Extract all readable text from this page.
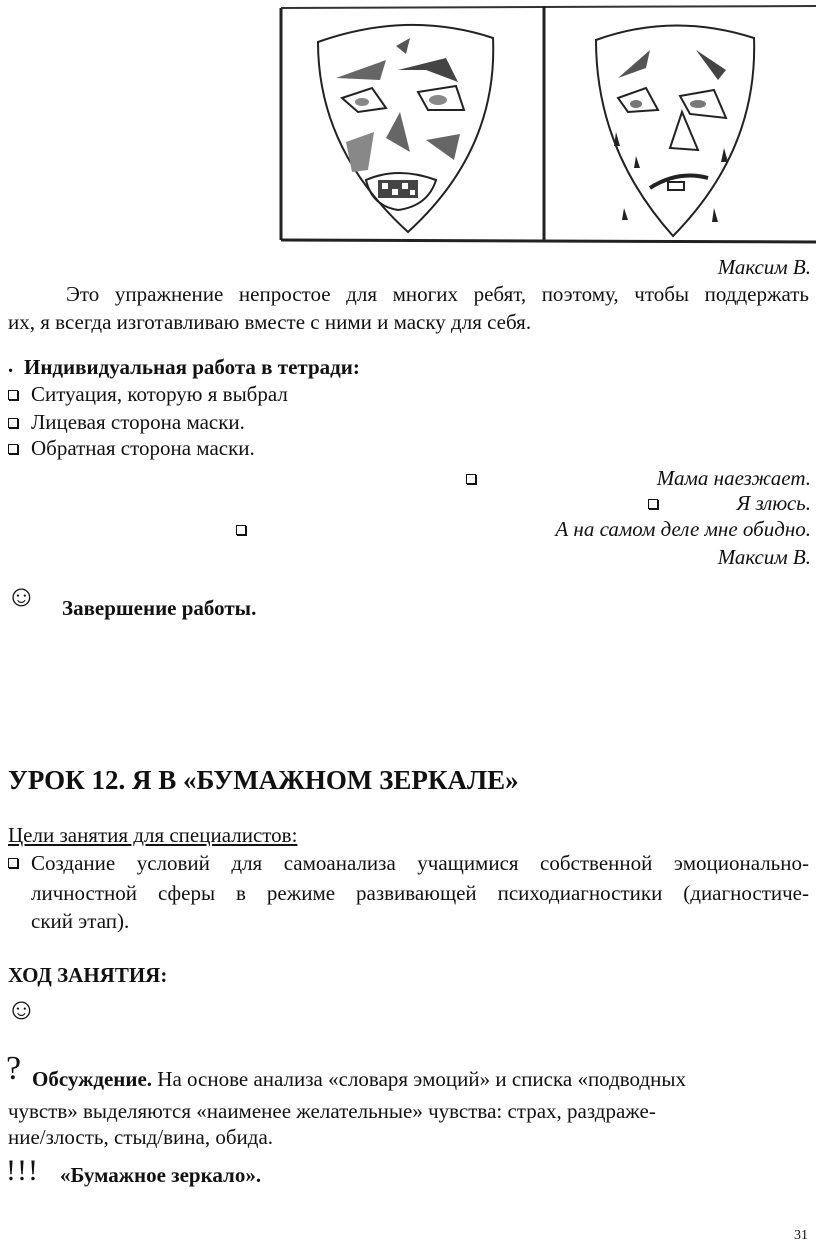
Максим В.
Это упражнение непростое для многих ребят, поэтому, чтобы поддержать
их, я всегда изготавливаю вместе с ними и маску для себя.
. Индивидуальная работа в тетради:
Ситуация, которую я выбрал
Лицевая сторона маски.
Обратная сторона маски.
Мама наезжает.
Я злюсь.
А на самом деле мне обидно.
Максим В.
☺ Завершение работы.
УРОК 12. Я В «БУМАЖНОМ ЗЕРКАЛЕ»
Цели занятия для специалистов:
Создание условий для самоанализа учащимися собственной эмоционально-
личностной сферы в режиме развивающей психодиагностики (диагностиче-
ский этап).
ХОД ЗАНЯТИЯ:
☺
? Обсуждение. На основе анализа «словаря эмоций» и списка «подводных
чувств» выделяются «наименее желательные» чувства: страх, раздраже-
ние/злость, стыд/вина, обида.
!!! «Бумажное зеркало».
31
